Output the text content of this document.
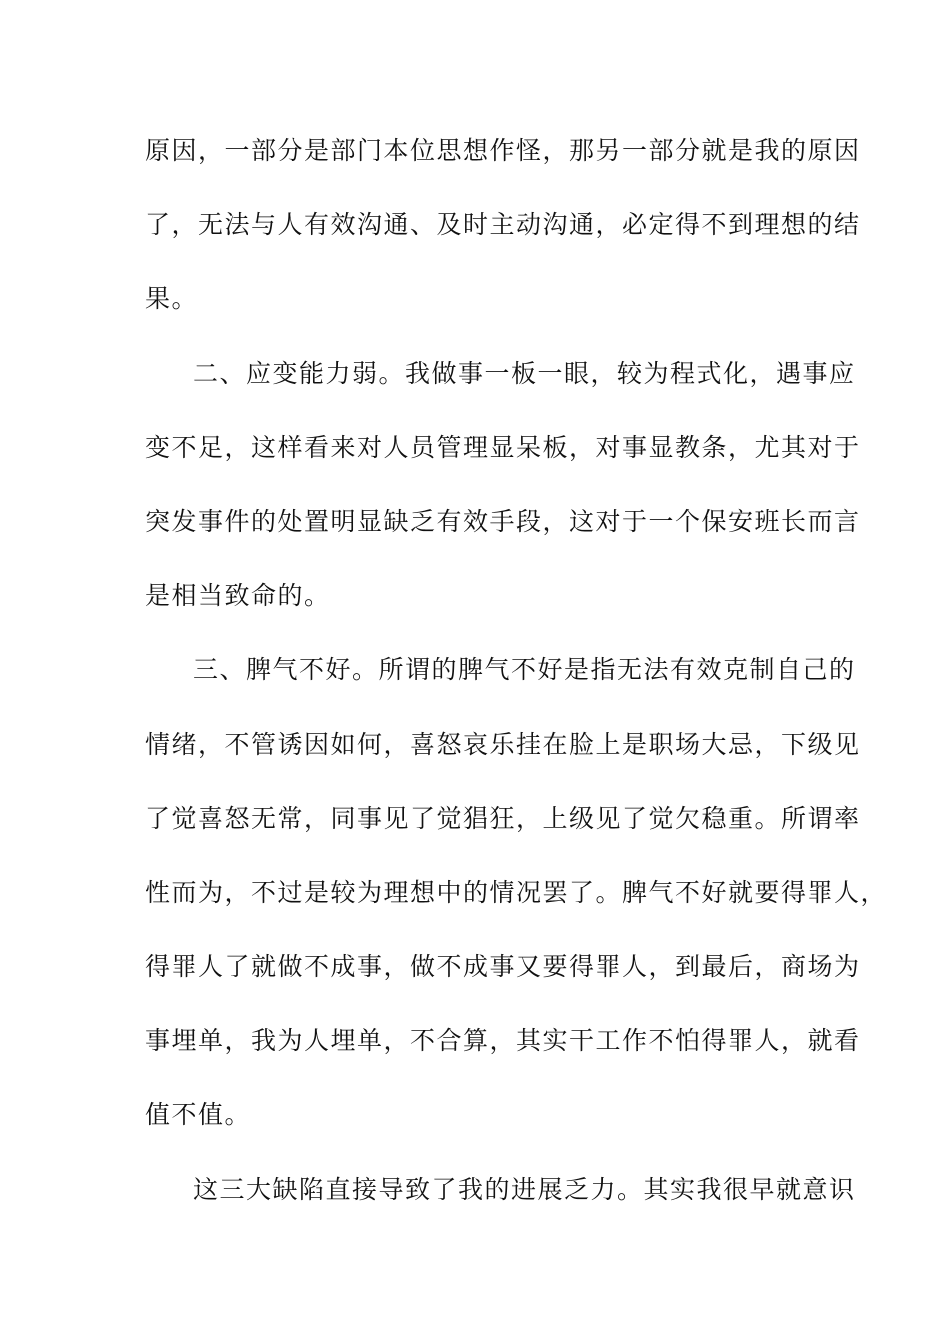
原因，一部分是部门本位思想作怪，那另一部分就是我的原因
了，无法与人有效沟通、及时主动沟通，必定得不到理想的结
果。
二、应变能力弱。我做事一板一眼，较为程式化，遇事应
变不足，这样看来对人员管理显呆板，对事显教条，尤其对于
突发事件的处置明显缺乏有效手段，这对于一个保安班长而言
是相当致命的。
三、脾气不好。所谓的脾气不好是指无法有效克制自己的
情绪，不管诱因如何，喜怒哀乐挂在脸上是职场大忌，下级见
了觉喜怒无常，同事见了觉猖狂，上级见了觉欠稳重。所谓率
性而为，不过是较为理想中的情况罢了。脾气不好就要得罪人，
得罪人了就做不成事，做不成事又要得罪人，到最后，商场为
事埋单，我为人埋单，不合算，其实干工作不怕得罪人，就看
值不值。
这三大缺陷直接导致了我的进展乏力。其实我很早就意识
